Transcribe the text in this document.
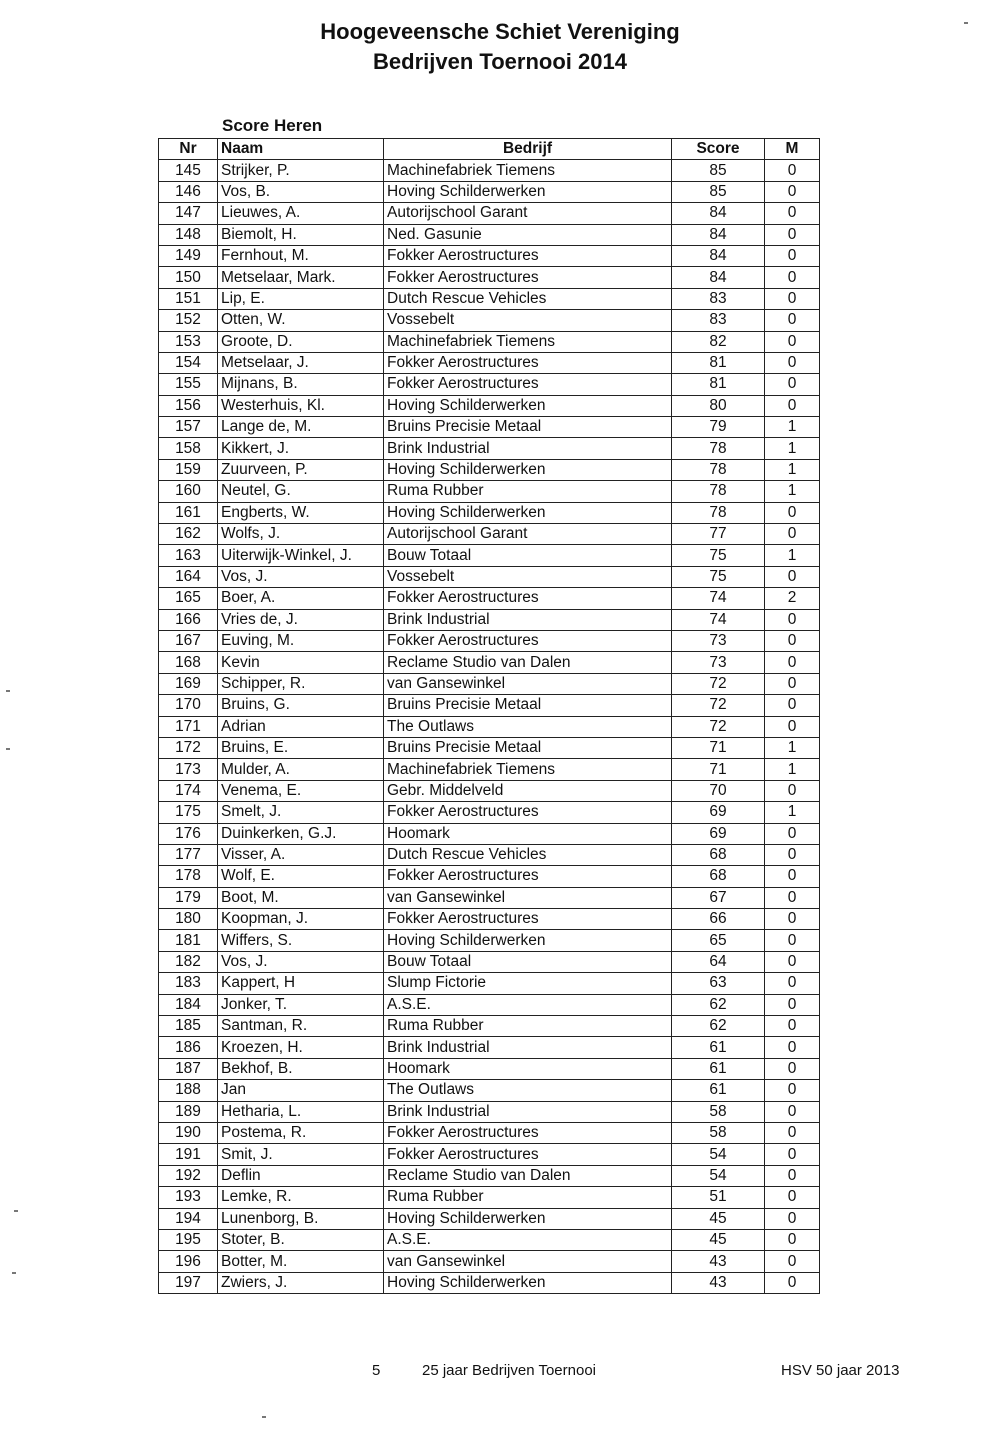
Hoogeveensche Schiet Vereniging
Bedrijven Toernooi 2014
Score Heren
Nr	Naam	Bedrijf	Score	M
145	Strijker, P.	Machinefabriek Tiemens	85	0
146	Vos, B.	Hoving Schilderwerken	85	0
147	Lieuwes, A.	Autorijschool Garant	84	0
148	Biemolt, H.	Ned. Gasunie	84	0
149	Fernhout, M.	Fokker Aerostructures	84	0
150	Metselaar, Mark.	Fokker Aerostructures	84	0
151	Lip, E.	Dutch Rescue Vehicles	83	0
152	Otten, W.	Vossebelt	83	0
153	Groote, D.	Machinefabriek Tiemens	82	0
154	Metselaar, J.	Fokker Aerostructures	81	0
155	Mijnans, B.	Fokker Aerostructures	81	0
156	Westerhuis, Kl.	Hoving Schilderwerken	80	0
157	Lange de, M.	Bruins Precisie Metaal	79	1
158	Kikkert, J.	Brink Industrial	78	1
159	Zuurveen, P.	Hoving Schilderwerken	78	1
160	Neutel, G.	Ruma Rubber	78	1
161	Engberts, W.	Hoving Schilderwerken	78	0
162	Wolfs, J.	Autorijschool Garant	77	0
163	Uiterwijk-Winkel, J.	Bouw Totaal	75	1
164	Vos, J.	Vossebelt	75	0
165	Boer, A.	Fokker Aerostructures	74	2
166	Vries de, J.	Brink Industrial	74	0
167	Euving, M.	Fokker Aerostructures	73	0
168	Kevin	Reclame Studio van Dalen	73	0
169	Schipper, R.	van Gansewinkel	72	0
170	Bruins, G.	Bruins Precisie Metaal	72	0
171	Adrian	The Outlaws	72	0
172	Bruins, E.	Bruins Precisie Metaal	71	1
173	Mulder, A.	Machinefabriek Tiemens	71	1
174	Venema, E.	Gebr. Middelveld	70	0
175	Smelt, J.	Fokker Aerostructures	69	1
176	Duinkerken, G.J.	Hoomark	69	0
177	Visser, A.	Dutch Rescue Vehicles	68	0
178	Wolf, E.	Fokker Aerostructures	68	0
179	Boot, M.	van Gansewinkel	67	0
180	Koopman, J.	Fokker Aerostructures	66	0
181	Wiffers, S.	Hoving Schilderwerken	65	0
182	Vos, J.	Bouw Totaal	64	0
183	Kappert, H	Slump Fictorie	63	0
184	Jonker, T.	A.S.E.	62	0
185	Santman, R.	Ruma Rubber	62	0
186	Kroezen, H.	Brink Industrial	61	0
187	Bekhof, B.	Hoomark	61	0
188	Jan	The Outlaws	61	0
189	Hetharia, L.	Brink Industrial	58	0
190	Postema, R.	Fokker Aerostructures	58	0
191	Smit, J.	Fokker Aerostructures	54	0
192	Deflin	Reclame Studio van Dalen	54	0
193	Lemke, R.	Ruma Rubber	51	0
194	Lunenborg, B.	Hoving Schilderwerken	45	0
195	Stoter, B.	A.S.E.	45	0
196	Botter, M.	van Gansewinkel	43	0
197	Zwiers, J.	Hoving Schilderwerken	43	0
5	25 jaar Bedrijven Toernooi	HSV 50 jaar 2013
